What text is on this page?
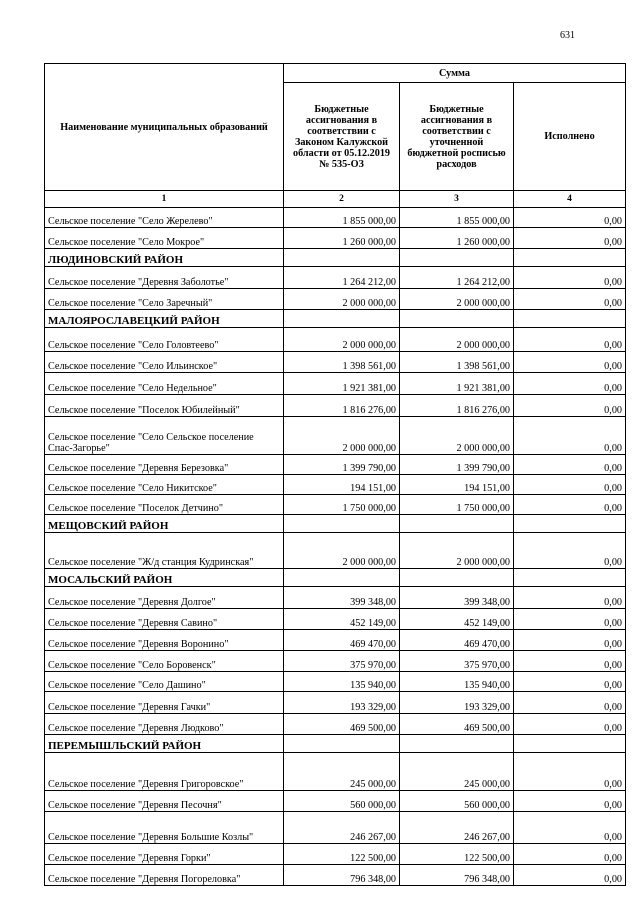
631
Наименование муниципальных образований	Сумма		
	Бюджетные ассигнования в соответствии с Законом Калужской области от 05.12.2019 № 535-ОЗ	Бюджетные ассигнования в соответствии с уточненной бюджетной росписью расходов	Исполнено
1	2	3	4
Сельское поселение "Село Жерелево"	1 855 000,00	1 855 000,00	0,00
Сельское поселение "Село Мокрое"	1 260 000,00	1 260 000,00	0,00
ЛЮДИНОВСКИЙ РАЙОН			
Сельское поселение "Деревня Заболотье"	1 264 212,00	1 264 212,00	0,00
Сельское поселение "Село Заречный"	2 000 000,00	2 000 000,00	0,00
МАЛОЯРОСЛАВЕЦКИЙ РАЙОН			
Сельское поселение "Село Головтеево"	2 000 000,00	2 000 000,00	0,00
Сельское поселение "Село Ильинское"	1 398 561,00	1 398 561,00	0,00
Сельское поселение "Село Недельное"	1 921 381,00	1 921 381,00	0,00
Сельское поселение "Поселок Юбилейный"	1 816 276,00	1 816 276,00	0,00
Сельское поселение "Село Сельское поселение Спас-Загорье"	2 000 000,00	2 000 000,00	0,00
Сельское поселение "Деревня Березовка"	1 399 790,00	1 399 790,00	0,00
Сельское поселение "Село Никитское"	194 151,00	194 151,00	0,00
Сельское поселение "Поселок Детчино"	1 750 000,00	1 750 000,00	0,00
МЕЩОВСКИЙ РАЙОН			
Сельское поселение "Ж/д станция Кудринская"	2 000 000,00	2 000 000,00	0,00
МОСАЛЬСКИЙ РАЙОН			
Сельское поселение "Деревня Долгое"	399 348,00	399 348,00	0,00
Сельское поселение "Деревня Савино"	452 149,00	452 149,00	0,00
Сельское поселение "Деревня Воронино"	469 470,00	469 470,00	0,00
Сельское поселение "Село Боровенск"	375 970,00	375 970,00	0,00
Сельское поселение "Село Дашино"	135 940,00	135 940,00	0,00
Сельское поселение "Деревня Гачки"	193 329,00	193 329,00	0,00
Сельское поселение "Деревня Людково"	469 500,00	469 500,00	0,00
ПЕРЕМЫШЛЬСКИЙ РАЙОН			
Сельское поселение "Деревня Григоровское"	245 000,00	245 000,00	0,00
Сельское поселение "Деревня Песочня"	560 000,00	560 000,00	0,00
Сельское поселение "Деревня Большие Козлы"	246 267,00	246 267,00	0,00
Сельское поселение "Деревня Горки"	122 500,00	122 500,00	0,00
Сельское поселение "Деревня Погореловка"	796 348,00	796 348,00	0,00
